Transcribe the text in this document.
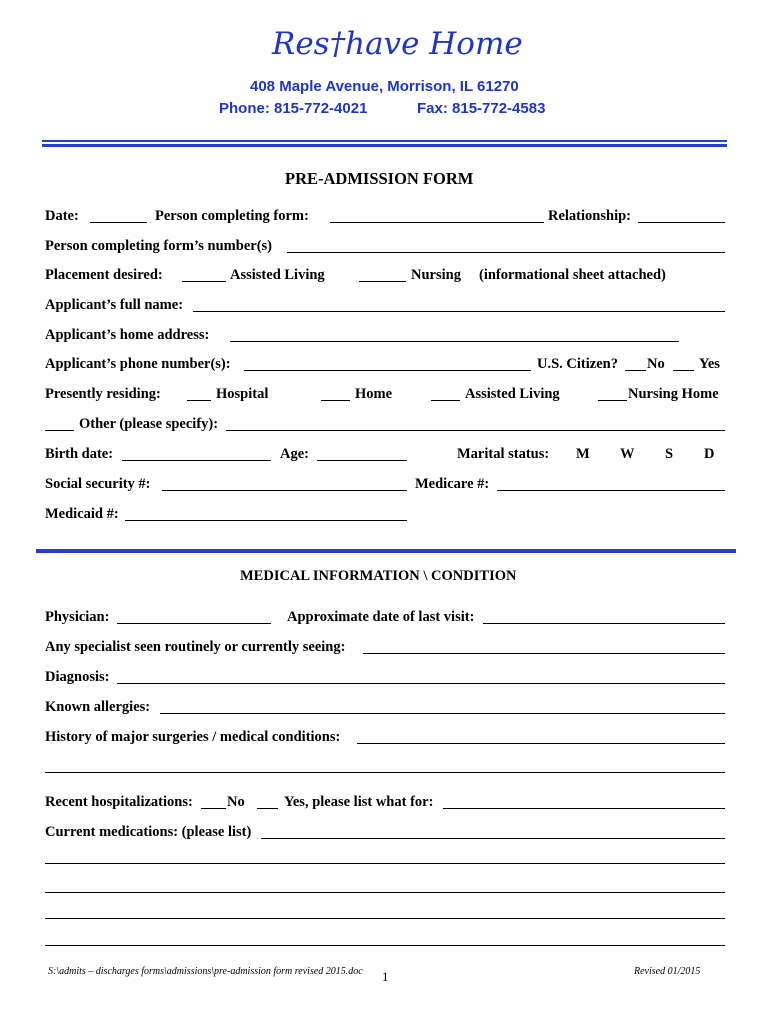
Res†have Home
408 Maple Avenue, Morrison, IL 61270
Phone: 815-772-4021	Fax: 815-772-4583
PRE-ADMISSION FORM
Date:	Person completing form:	Relationship:
Person completing form’s number(s)
Placement desired:	Assisted Living	Nursing (informational sheet attached)
Applicant’s full name:
Applicant’s home address:
Applicant’s phone number(s):	U.S. Citizen? No Yes
Presently residing:	Hospital	Home	Assisted Living	Nursing Home
Other (please specify):
Birth date:	Age:	Marital status: M W S D
Social security #:	Medicare #:
Medicaid #:
MEDICAL INFORMATION \ CONDITION
Physician:	Approximate date of last visit:
Any specialist seen routinely or currently seeing:
Diagnosis:
Known allergies:
History of major surgeries / medical conditions:
Recent hospitalizations: No	Yes, please list what for:
Current medications: (please list)
S:\admits – discharges forms\admissions\pre-admission form revised 2015.doc 1	Revised 01/2015
